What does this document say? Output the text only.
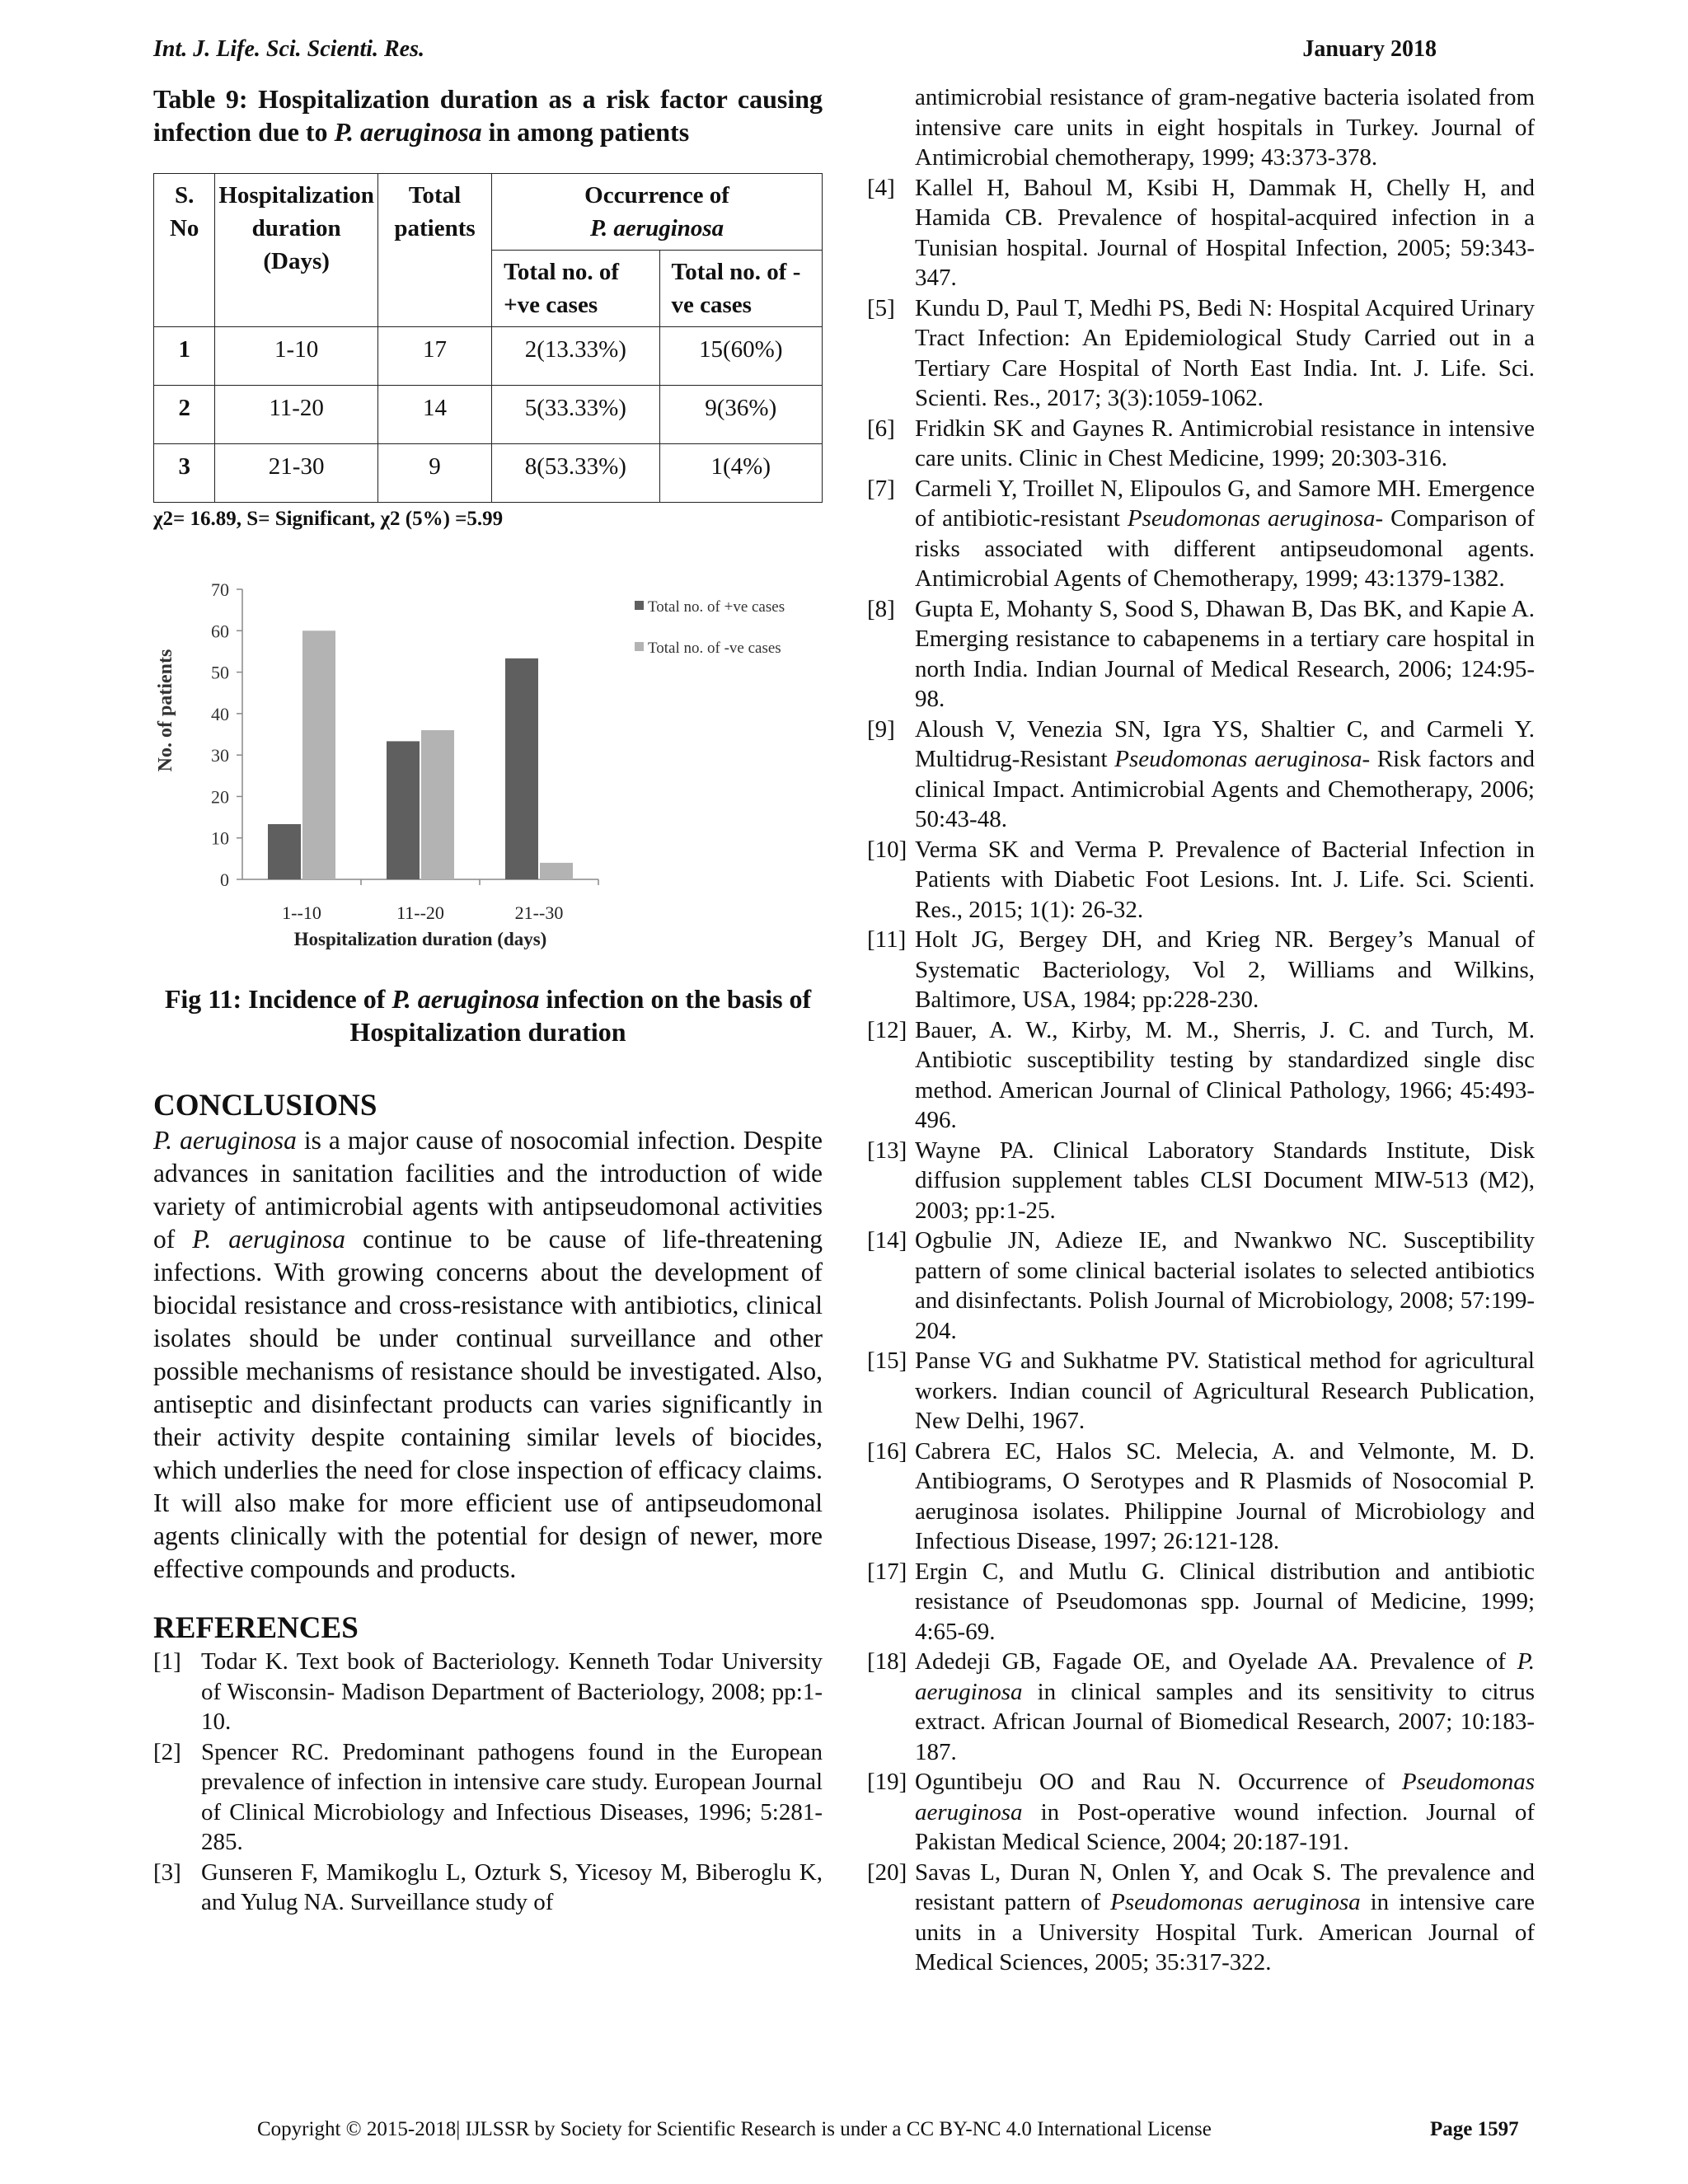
Int. J. Life. Sci. Scienti. Res.	January 2018

Table 9: Hospitalization duration as a risk factor causing infection due to P. aeruginosa in among patients

S. No	Hospitalization duration (Days)	Total patients	Occurrence of
P. aeruginosa	
			Total no. of +ve cases	Total no. of -ve cases
1	1-10	17	2(13.33%)	15(60%)
2	11-20	14	5(33.33%)	9(36%)
3	21-30	9	8(53.33%)	1(4%)
χ2= 16.89, S= Significant, χ2 (5%) =5.99
No. of patients
Hospitalization duration (days)
0
10
20
30
40
50
60
70
1--10	11--20	21--30
Total no. of +ve cases
Total no. of -ve cases

Fig 11: Incidence of P. aeruginosa infection on the basis of Hospitalization duration

CONCLUSIONS

P. aeruginosa is a major cause of nosocomial infection. Despite advances in sanitation facilities and the introduction of wide variety of antimicrobial agents with antipseudomonal activities of P. aeruginosa continue to be cause of life-threatening infections. With growing concerns about the development of biocidal resistance and cross-resistance with antibiotics, clinical isolates should be under continual surveillance and other possible mechanisms of resistance should be investigated. Also, antiseptic and disinfectant products can varies significantly in their activity despite containing similar levels of biocides, which underlies the need for close inspection of efficacy claims. It will also make for more efficient use of antipseudomonal agents clinically with the potential for design of newer, more effective compounds and products.

REFERENCES
[1] Todar K. Text book of Bacteriology. Kenneth Todar University of Wisconsin- Madison Department of Bacteriology, 2008; pp:1-10.
[2] Spencer RC. Predominant pathogens found in the European prevalence of infection in intensive care study. European Journal of Clinical Microbiology and Infectious Diseases, 1996; 5:281-285.
[3] Gunseren F, Mamikoglu L, Ozturk S, Yicesoy M, Biberoglu K, and Yulug NA. Surveillance study of
antimicrobial resistance of gram-negative bacteria isolated from intensive care units in eight hospitals in Turkey. Journal of Antimicrobial chemotherapy, 1999; 43:373-378.
[4] Kallel H, Bahoul M, Ksibi H, Dammak H, Chelly H, and Hamida CB. Prevalence of hospital-acquired infection in a Tunisian hospital. Journal of Hospital Infection, 2005; 59:343-347.
[5] Kundu D, Paul T, Medhi PS, Bedi N: Hospital Acquired Urinary Tract Infection: An Epidemiological Study Carried out in a Tertiary Care Hospital of North East India. Int. J. Life. Sci. Scienti. Res., 2017; 3(3):1059-1062.
[6] Fridkin SK and Gaynes R. Antimicrobial resistance in intensive care units. Clinic in Chest Medicine, 1999; 20:303-316.
[7] Carmeli Y, Troillet N, Elipoulos G, and Samore MH. Emergence of antibiotic-resistant Pseudomonas aeruginosa- Comparison of risks associated with different antipseudomonal agents. Antimicrobial Agents of Chemotherapy, 1999; 43:1379-1382.
[8] Gupta E, Mohanty S, Sood S, Dhawan B, Das BK, and Kapie A. Emerging resistance to cabapenems in a tertiary care hospital in north India. Indian Journal of Medical Research, 2006; 124:95-98.
[9] Aloush V, Venezia SN, Igra YS, Shaltier C, and Carmeli Y. Multidrug-Resistant Pseudomonas aeruginosa- Risk factors and clinical Impact. Antimicrobial Agents and Chemotherapy, 2006; 50:43-48.
[10] Verma SK and Verma P. Prevalence of Bacterial Infection in Patients with Diabetic Foot Lesions. Int. J. Life. Sci. Scienti. Res., 2015; 1(1): 26-32.
[11] Holt JG, Bergey DH, and Krieg NR. Bergey’s Manual of Systematic Bacteriology, Vol 2, Williams and Wilkins, Baltimore, USA, 1984; pp:228-230.
[12] Bauer, A. W., Kirby, M. M., Sherris, J. C. and Turch, M. Antibiotic susceptibility testing by standardized single disc method. American Journal of Clinical Pathology, 1966; 45:493-496.
[13] Wayne PA. Clinical Laboratory Standards Institute, Disk diffusion supplement tables CLSI Document MIW-513 (M2), 2003; pp:1-25.
[14] Ogbulie JN, Adieze IE, and Nwankwo NC. Susceptibility pattern of some clinical bacterial isolates to selected antibiotics and disinfectants. Polish Journal of Microbiology, 2008; 57:199-204.
[15] Panse VG and Sukhatme PV. Statistical method for agricultural workers. Indian council of Agricultural Research Publication, New Delhi, 1967.
[16] Cabrera EC, Halos SC. Melecia, A. and Velmonte, M. D. Antibiograms, O Serotypes and R Plasmids of Nosocomial P. aeruginosa isolates. Philippine Journal of Microbiology and Infectious Disease, 1997; 26:121-128.
[17] Ergin C, and Mutlu G. Clinical distribution and antibiotic resistance of Pseudomonas spp. Journal of Medicine, 1999; 4:65-69.
[18] Adedeji GB, Fagade OE, and Oyelade AA. Prevalence of P. aeruginosa in clinical samples and its sensitivity to citrus extract. African Journal of Biomedical Research, 2007; 10:183-187.
[19] Oguntibeju OO and Rau N. Occurrence of Pseudomonas aeruginosa in Post-operative wound infection. Journal of Pakistan Medical Science, 2004; 20:187-191.
[20] Savas L, Duran N, Onlen Y, and Ocak S. The prevalence and resistant pattern of Pseudomonas aeruginosa in intensive care units in a University Hospital Turk. American Journal of Medical Sciences, 2005; 35:317-322.
Copyright © 2015-2018| IJLSSR by Society for Scientific Research is under a CC BY-NC 4.0 International License	Page 1597
